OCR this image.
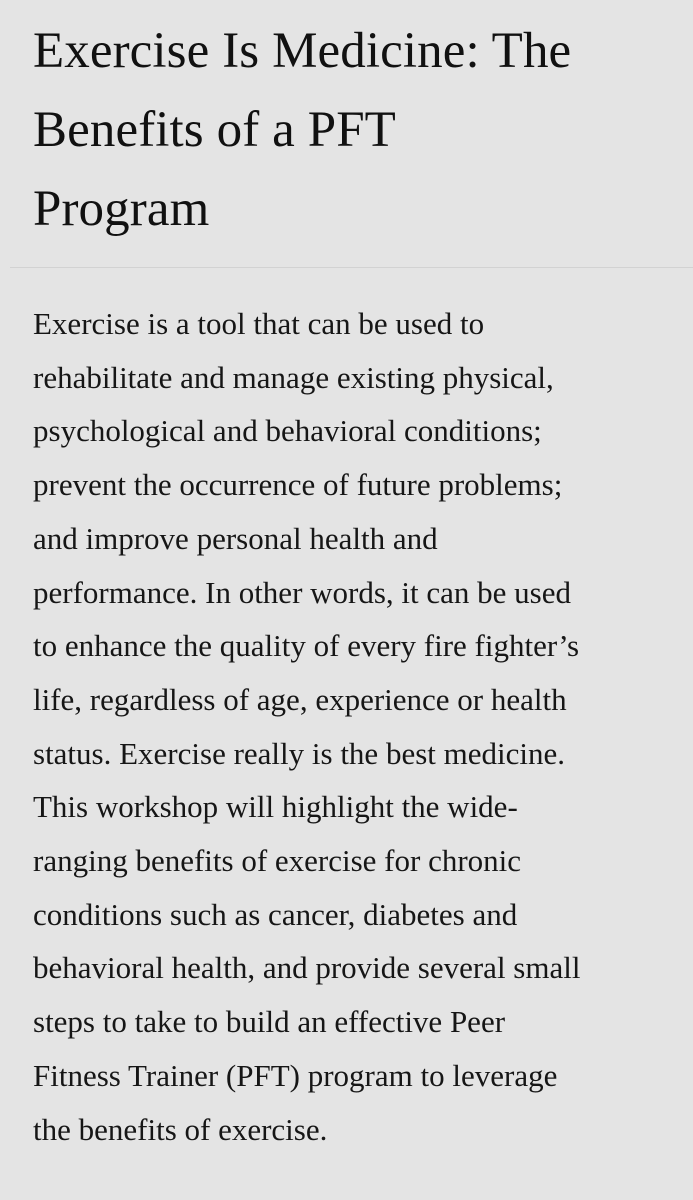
Exercise Is Medicine: The
Benefits of a PFT
Program

Exercise is a tool that can be used to
rehabilitate and manage existing physical,
psychological and behavioral conditions;
prevent the occurrence of future problems;
and improve personal health and
performance. In other words, it can be used
to enhance the quality of every fire fighter’s
life, regardless of age, experience or health
status. Exercise really is the best medicine.
This workshop will highlight the wide-
ranging benefits of exercise for chronic
conditions such as cancer, diabetes and
behavioral health, and provide several small
steps to take to build an effective Peer
Fitness Trainer (PFT) program to leverage
the benefits of exercise.
